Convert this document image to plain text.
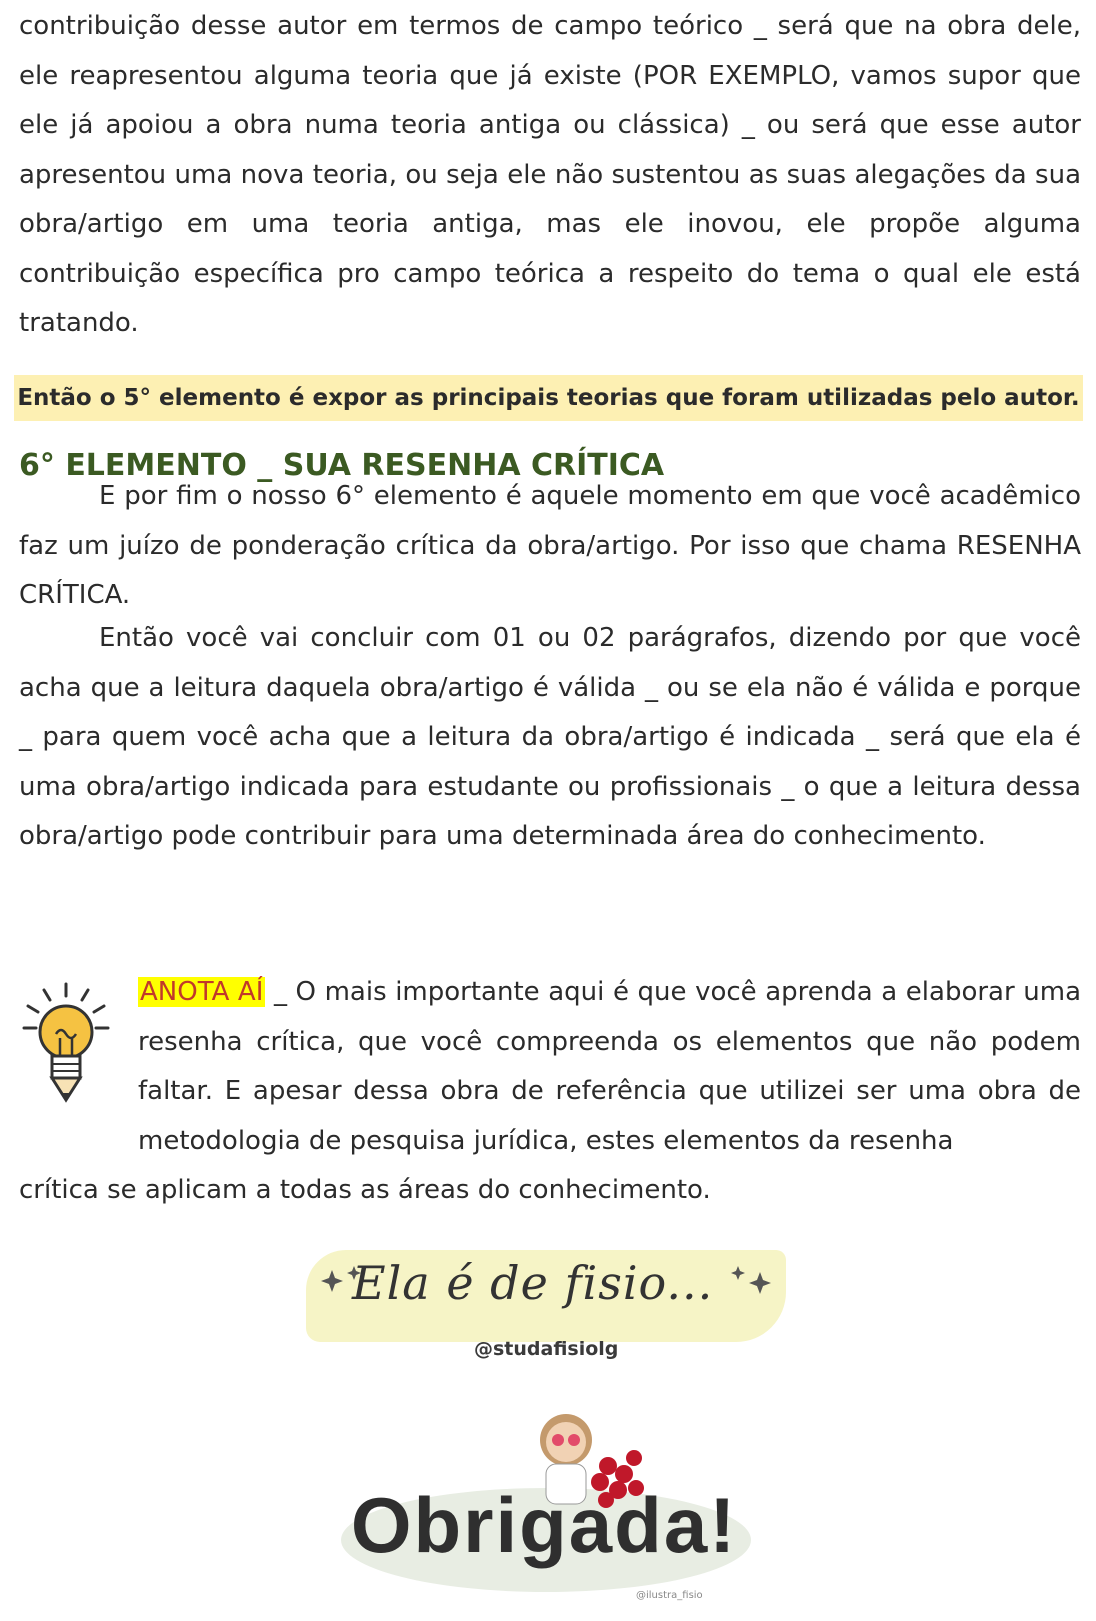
contribuição desse autor em termos de campo teórico _ será que na obra dele, ele reapresentou alguma teoria que já existe (POR EXEMPLO, vamos supor que ele já apoiou a obra numa teoria antiga ou clássica) _ ou será que esse autor apresentou uma nova teoria, ou seja ele não sustentou as suas alegações da sua obra/artigo em uma teoria antiga, mas ele inovou, ele propõe alguma contribuição específica pro campo teórica a respeito do tema o qual ele está tratando.

Então o 5° elemento é expor as principais teorias que foram utilizadas pelo autor.
6° ELEMENTO _ SUA RESENHA CRÍTICA

E por fim o nosso 6° elemento é aquele momento em que você acadêmico faz um juízo de ponderação crítica da obra/artigo. Por isso que chama RESENHA CRÍTICA.

Então você vai concluir com 01 ou 02 parágrafos, dizendo por que você acha que a leitura daquela obra/artigo é válida _ ou se ela não é válida e porque _ para quem você acha que a leitura da obra/artigo é indicada _ será que ela é uma obra/artigo indicada para estudante ou profissionais _ o que a leitura dessa obra/artigo pode contribuir para uma determinada área do conhecimento.

ANOTA AÍ _ O mais importante aqui é que você aprenda a elaborar uma resenha crítica, que você compreenda os elementos que não podem faltar. E apesar dessa obra de referência que utilizei ser uma obra de metodologia de pesquisa jurídica, estes elementos da resenha

crítica se aplicam a todas as áreas do conhecimento.

Ela é de fisio...
@studafisiolg
Obrigada!
@ilustra_fisio
